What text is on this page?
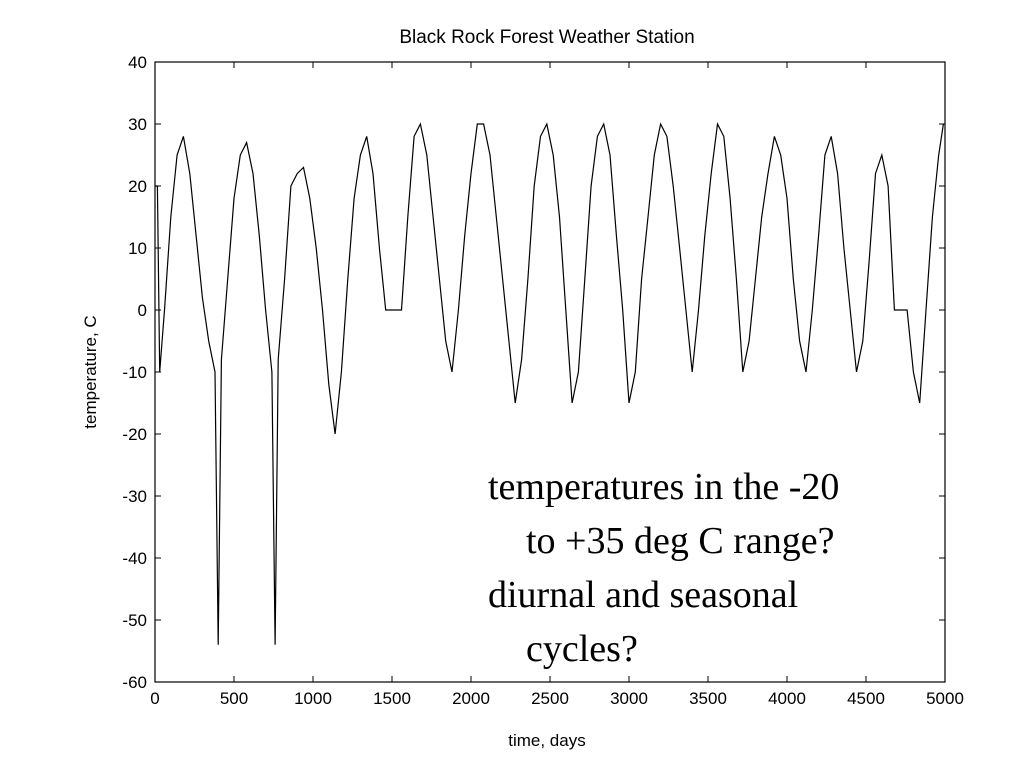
Black Rock Forest Weather Station
-60
-50
-40
-30
-20
-10
0
10
20
30
40
0	500	1000 1500 2000 2500 3000 3500 4000 4500 5000
time, days
temperature, C
temperatures in the -20
to +35 deg C range?
diurnal and seasonal
cycles?
